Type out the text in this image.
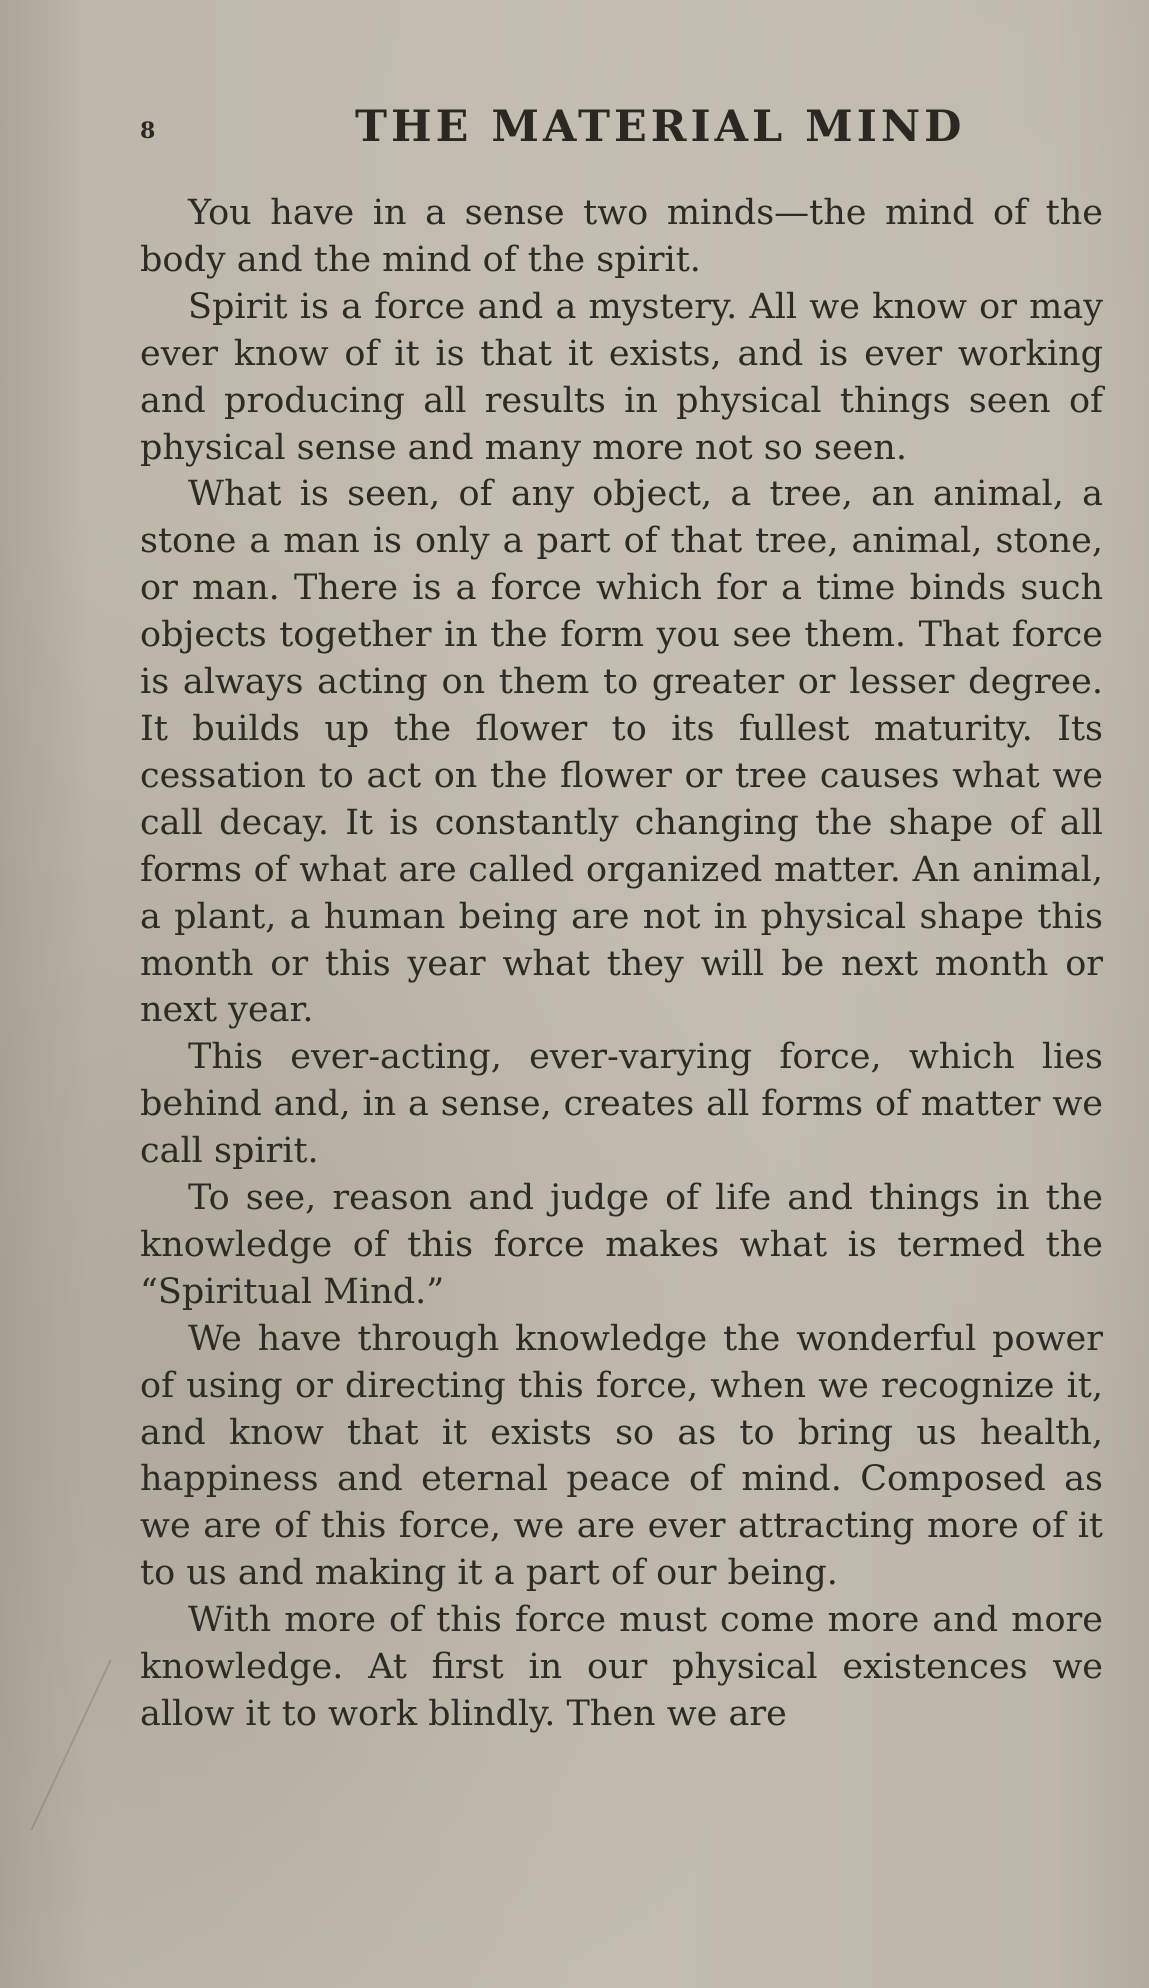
8	THE MATERIAL MIND

You have in a sense two minds—the mind of the body and the mind of the spirit.

Spirit is a force and a mystery. All we know or may ever know of it is that it exists, and is ever working and producing all results in physical things seen of physical sense and many more not so seen.

What is seen, of any object, a tree, an animal, a stone a man is only a part of that tree, animal, stone, or man. There is a force which for a time binds such objects together in the form you see them. That force is always acting on them to greater or lesser degree. It builds up the flower to its fullest maturity. Its cessation to act on the flower or tree causes what we call decay. It is constantly changing the shape of all forms of what are called organized matter. An animal, a plant, a human being are not in physical shape this month or this year what they will be next month or next year.

This ever-acting, ever-varying force, which lies behind and, in a sense, creates all forms of matter we call spirit.

To see, reason and judge of life and things in the knowledge of this force makes what is termed the “Spiritual Mind.”

We have through knowledge the wonderful power of using or directing this force, when we recognize it, and know that it exists so as to bring us health, happiness and eternal peace of mind. Composed as we are of this force, we are ever attracting more of it to us and making it a part of our being.

With more of this force must come more and more knowledge. At first in our physical existences we allow it to work blindly. Then we are
